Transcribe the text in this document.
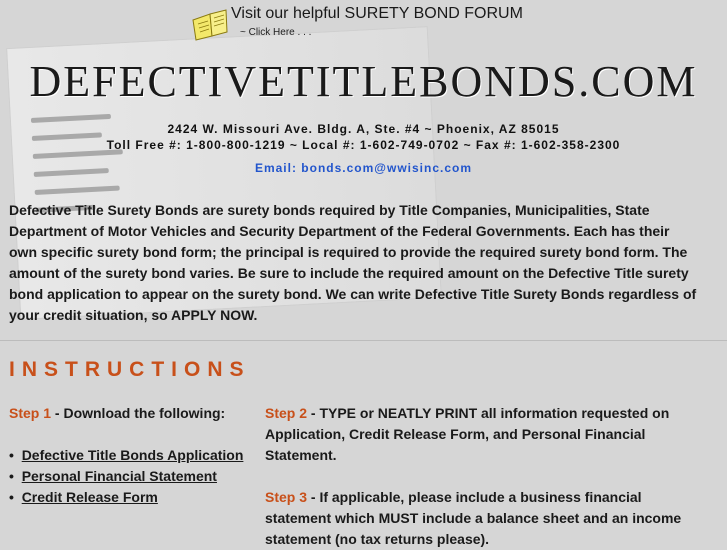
Visit our helpful SURETY BOND FORUM
~ Click Here . . .
DEFECTIVETITLEBONDS.COM
2424 W. Missouri Ave. Bldg. A, Ste. #4 ~ Phoenix, AZ 85015
Toll Free #: 1-800-800-1219 ~ Local #: 1-602-749-0702 ~ Fax #: 1-602-358-2300
Email: bonds.com@wwisinc.com
Defective Title Surety Bonds are surety bonds required by Title Companies, Municipalities, State Department of Motor Vehicles and Security Department of the Federal Governments. Each has their own specific surety bond form; the principal is required to provide the required surety bond form. The amount of the surety bond varies. Be sure to include the required amount on the Defective Title surety bond application to appear on the surety bond. We can write Defective Title Surety Bonds regardless of your credit situation, so APPLY NOW.
INSTRUCTIONS
Step 1 - Download the following:
• Defective Title Bonds Application
• Personal Financial Statement
• Credit Release Form
Step 2 - TYPE or NEATLY PRINT all information requested on Application, Credit Release Form, and Personal Financial Statement.
Step 3 - If applicable, please include a business financial statement which MUST include a balance sheet and an income statement (no tax returns please).
